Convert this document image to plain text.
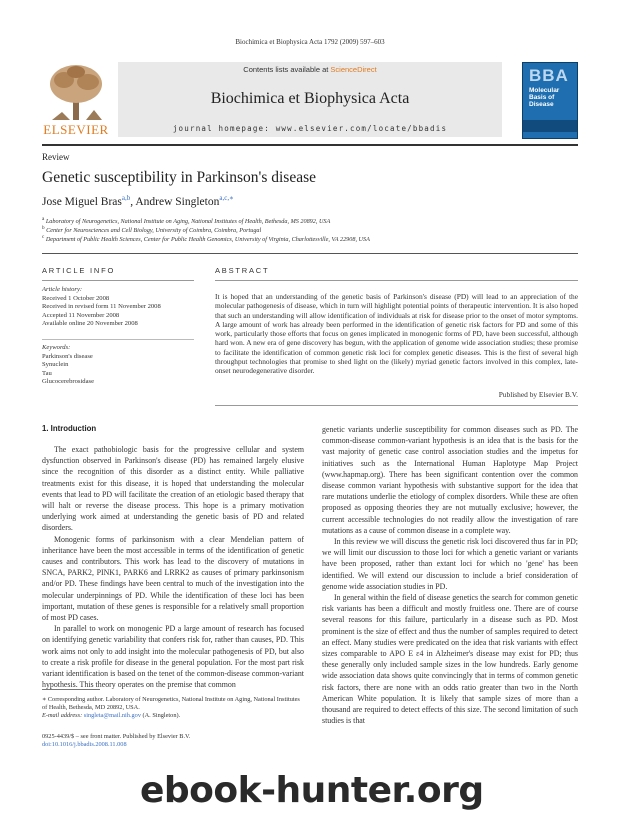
Biochimica et Biophysica Acta 1792 (2009) 597–603
ELSEVIER
Contents lists available at ScienceDirect
Biochimica et Biophysica Acta
journal homepage: www.elsevier.com/locate/bbadis
BBA
Molecular Basis of Disease
Review
Genetic susceptibility in Parkinson's disease
Jose Miguel Bras$^{a,b}$, Andrew Singleton$^{a,c,∗}$
$^a$ Laboratory of Neurogenetics, National Institute on Aging, National Institutes of Health, Bethesda, MS 20892, USA
$^b$ Center for Neurosciences and Cell Biology, University of Coimbra, Coimbra, Portugal
$^c$ Department of Public Health Sciences, Center for Public Health Genomics, University of Virginia, Charlottesville, VA 22908, USA
ARTICLE INFO
Article history:
Received 1 October 2008
Received in revised form 11 November 2008
Accepted 11 November 2008
Available online 20 November 2008
Keywords:
Parkinson's disease
Synuclein
Tau
Glucocerebrosidase
ABSTRACT
It is hoped that an understanding of the genetic basis of Parkinson's disease (PD) will lead to an appreciation of the molecular pathogenesis of disease, which in turn will highlight potential points of therapeutic intervention. It is also hoped that such an understanding will allow identification of individuals at risk for disease prior to the onset of motor symptoms. A large amount of work has already been performed in the identification of genetic risk factors for PD and some of this work, particularly those efforts that focus on genes implicated in monogenic forms of PD, have been successful, although hard won. A new era of gene discovery has begun, with the application of genome wide association studies; these promise to facilitate the identification of common genetic risk loci for complex genetic diseases. This is the first of several high throughput technologies that promise to shed light on the (likely) myriad genetic factors involved in this complex, late-onset neurodegenerative disorder.
Published by Elsevier B.V.
1. Introduction

The exact pathobiologic basis for the progressive cellular and system dysfunction observed in Parkinson's disease (PD) has remained largely elusive since the recognition of this disorder as a distinct entity. While palliative treatments exist for this disease, it is hoped that understanding the molecular events that lead to PD will facilitate the creation of an etiologic based therapy that will halt or reverse the disease process. This hope is a primary motivation underlying work aimed at understanding the genetic basis of PD and related disorders.

Monogenic forms of parkinsonism with a clear Mendelian pattern of inheritance have been the most accessible in terms of the identification of genetic causes and contributors. This work has lead to the discovery of mutations in SNCA, PARK2, PINK1, PARK6 and LRRK2 as causes of primary parkinsonism and/or PD. These findings have been central to much of the investigation into the molecular underpinnings of PD. While the identification of these loci has been important, mutation of these genes is responsible for a relatively small proportion of most PD cases.

In parallel to work on monogenic PD a large amount of research has focused on identifying genetic variability that confers risk for, rather than causes, PD. This work aims not only to add insight into the molecular pathogenesis of PD, but also to create a risk profile for disease in the general population. For the most part risk variant identification is based on the tenet of the common-disease common-variant hypothesis. This theory operates on the premise that common

genetic variants underlie susceptibility for common diseases such as PD. The common-disease common-variant hypothesis is an idea that is the basis for the vast majority of genetic case control association studies and the impetus for initiatives such as the International Human Haplotype Map Project (www.hapmap.org). There has been significant contention over the common disease common variant hypothesis with substantive support for the idea that rare mutations underlie the etiology of complex disorders. While these are often proposed as opposing theories they are not mutually exclusive; however, the current accessible technologies do not readily allow the investigation of rare mutations as a cause of common disease in a complete way.

In this review we will discuss the genetic risk loci discovered thus far in PD; we will limit our discussion to those loci for which a genetic variant or variants have been proposed, rather than extant loci for which no 'gene' has been identified. We will extend our discussion to include a brief consideration of genome wide association studies in PD.

In general within the field of disease genetics the search for common genetic risk variants has been a difficult and mostly fruitless one. There are of course several reasons for this failure, particularly in a disease such as PD. Most prominent is the size of effect and thus the number of samples required to detect an effect. Many studies were predicated on the idea that risk variants with effect sizes comparable to APO E ε4 in Alzheimer's disease may exist for PD; thus these generally only included sample sizes in the low hundreds. Early genome wide association data shows quite convincingly that in terms of common genetic risk factors, there are none with an odds ratio greater than two in the North American White population. It is likely that sample sizes of more than a thousand are required to detect effects of this size. The second limitation of such studies is that

∗ Corresponding author. Laboratory of Neurogenetics, National Institute on Aging, National Institutes of Health, Bethesda, MD 20892, USA.
E-mail address: singleta@mail.nih.gov (A. Singleton).
0925-4439/$ – see front matter. Published by Elsevier B.V.
doi:10.1016/j.bbadis.2008.11.008
ebook-hunter.org
